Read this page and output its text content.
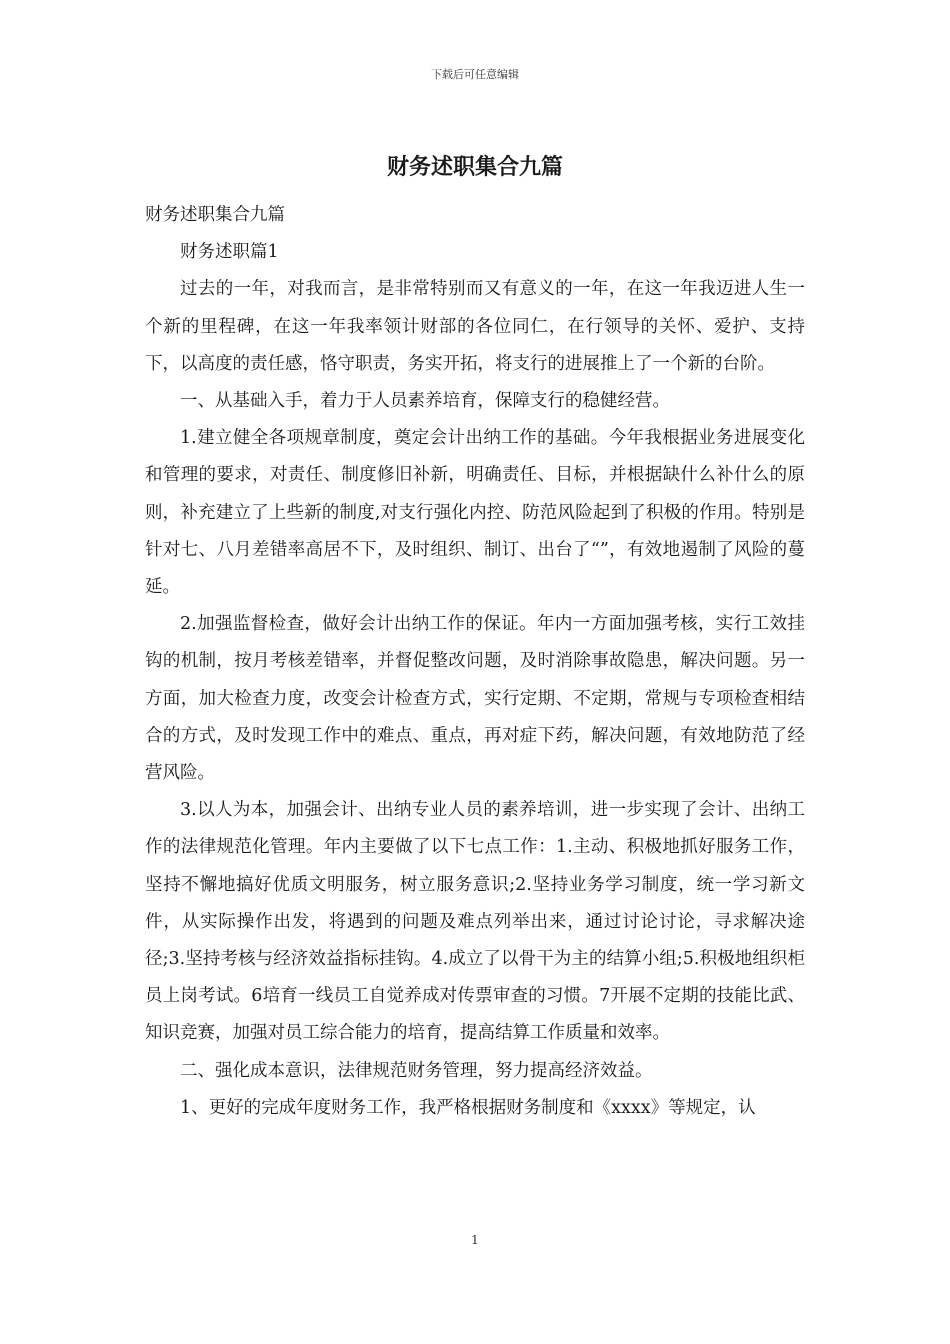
下载后可任意编辑
财务述职集合九篇

财务述职集合九篇

财务述职篇1

过去的一年，对我而言，是非常特别而又有意义的一年，在这一年我迈进人生一个新的里程碑，在这一年我率领计财部的各位同仁，在行领导的关怀、爱护、支持下，以高度的责任感，恪守职责，务实开拓，将支行的进展推上了一个新的台阶。

一、从基础入手，着力于人员素养培育，保障支行的稳健经营。

1.建立健全各项规章制度，奠定会计出纳工作的基础。今年我根据业务进展变化和管理的要求，对责任、制度修旧补新，明确责任、目标，并根据缺什么补什么的原则，补充建立了上些新的制度,对支行强化内控、防范风险起到了积极的作用。特别是针对七、八月差错率高居不下，及时组织、制订、出台了“”，有效地遏制了风险的蔓延。

2.加强监督检查，做好会计出纳工作的保证。年内一方面加强考核，实行工效挂钩的机制，按月考核差错率，并督促整改问题，及时消除事故隐患，解决问题。另一方面，加大检查力度，改变会计检查方式，实行定期、不定期，常规与专项检查相结合的方式，及时发现工作中的难点、重点，再对症下药，解决问题，有效地防范了经营风险。

3.以人为本，加强会计、出纳专业人员的素养培训，进一步实现了会计、出纳工作的法律规范化管理。年内主要做了以下七点工作：1.主动、积极地抓好服务工作，坚持不懈地搞好优质文明服务，树立服务意识;2.坚持业务学习制度，统一学习新文件，从实际操作出发，将遇到的问题及难点列举出来，通过讨论讨论，寻求解决途径;3.坚持考核与经济效益指标挂钩。4.成立了以骨干为主的结算小组;5.积极地组织柜员上岗考试。6培育一线员工自觉养成对传票审查的习惯。7开展不定期的技能比武、知识竞赛，加强对员工综合能力的培育，提高结算工作质量和效率。

二、强化成本意识，法律规范财务管理，努力提高经济效益。

1、更好的完成年度财务工作，我严格根据财务制度和《xxxx》等规定，认

1
